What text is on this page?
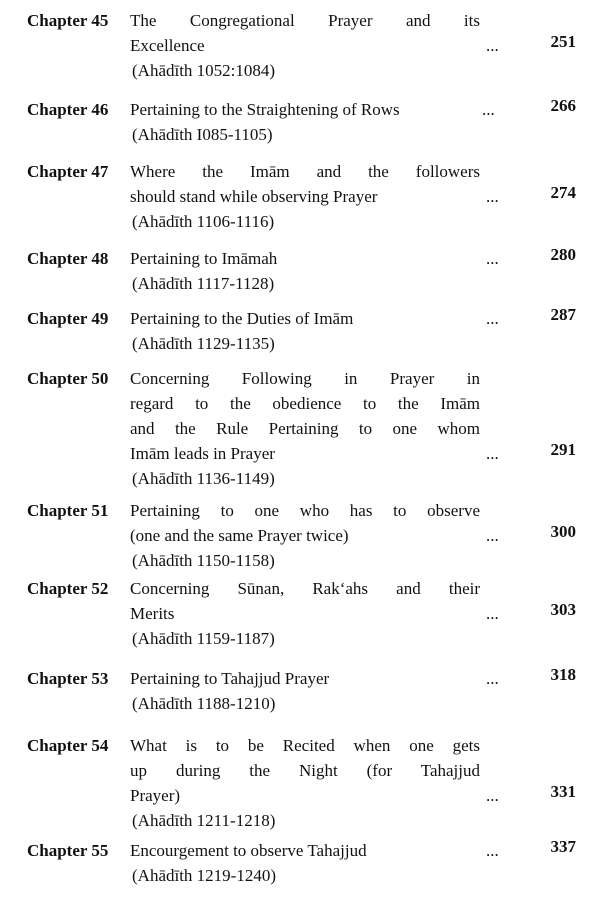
Chapter 45 The Congregational Prayer and its
Excellence
(Ahādīth 1052:1084)
...	251
Chapter 46 Pertaining to the Straightening of Rows
(Ahādīth I085-1105)
...	266
Chapter 47 Where the Imām and the followers
should stand while observing Prayer
(Ahādīth 1106-1116)
...	274
Chapter 48 Pertaining to Imāmah
(Ahādīth 1117-1128)
...	280
Chapter 49 Pertaining to the Duties of Imām
(Ahādīth 1129-1135)
...	287
Chapter 50 Concerning Following in Prayer in
regard to the obedience to the Imām
and the Rule Pertaining to one whom
Imām leads in Prayer
(Ahādīth 1136-1149)
...	291
Chapter 51 Pertaining to one who has to observe
(one and the same Prayer twice)
(Ahādīth 1150-1158)
...	300
Chapter 52 Concerning Sūnan, Rak‘ahs and their
Merits
(Ahādīth 1159-1187)
...	303
Chapter 53 Pertaining to Tahajjud Prayer
(Ahādīth 1188-1210)
...	318
Chapter 54 What is to be Recited when one gets
up during the Night (for Tahajjud
Prayer)
(Ahādīth 1211-1218)
...	331
Chapter 55 Encourgement to observe Tahajjud
(Ahādīth 1219-1240)
...	337
